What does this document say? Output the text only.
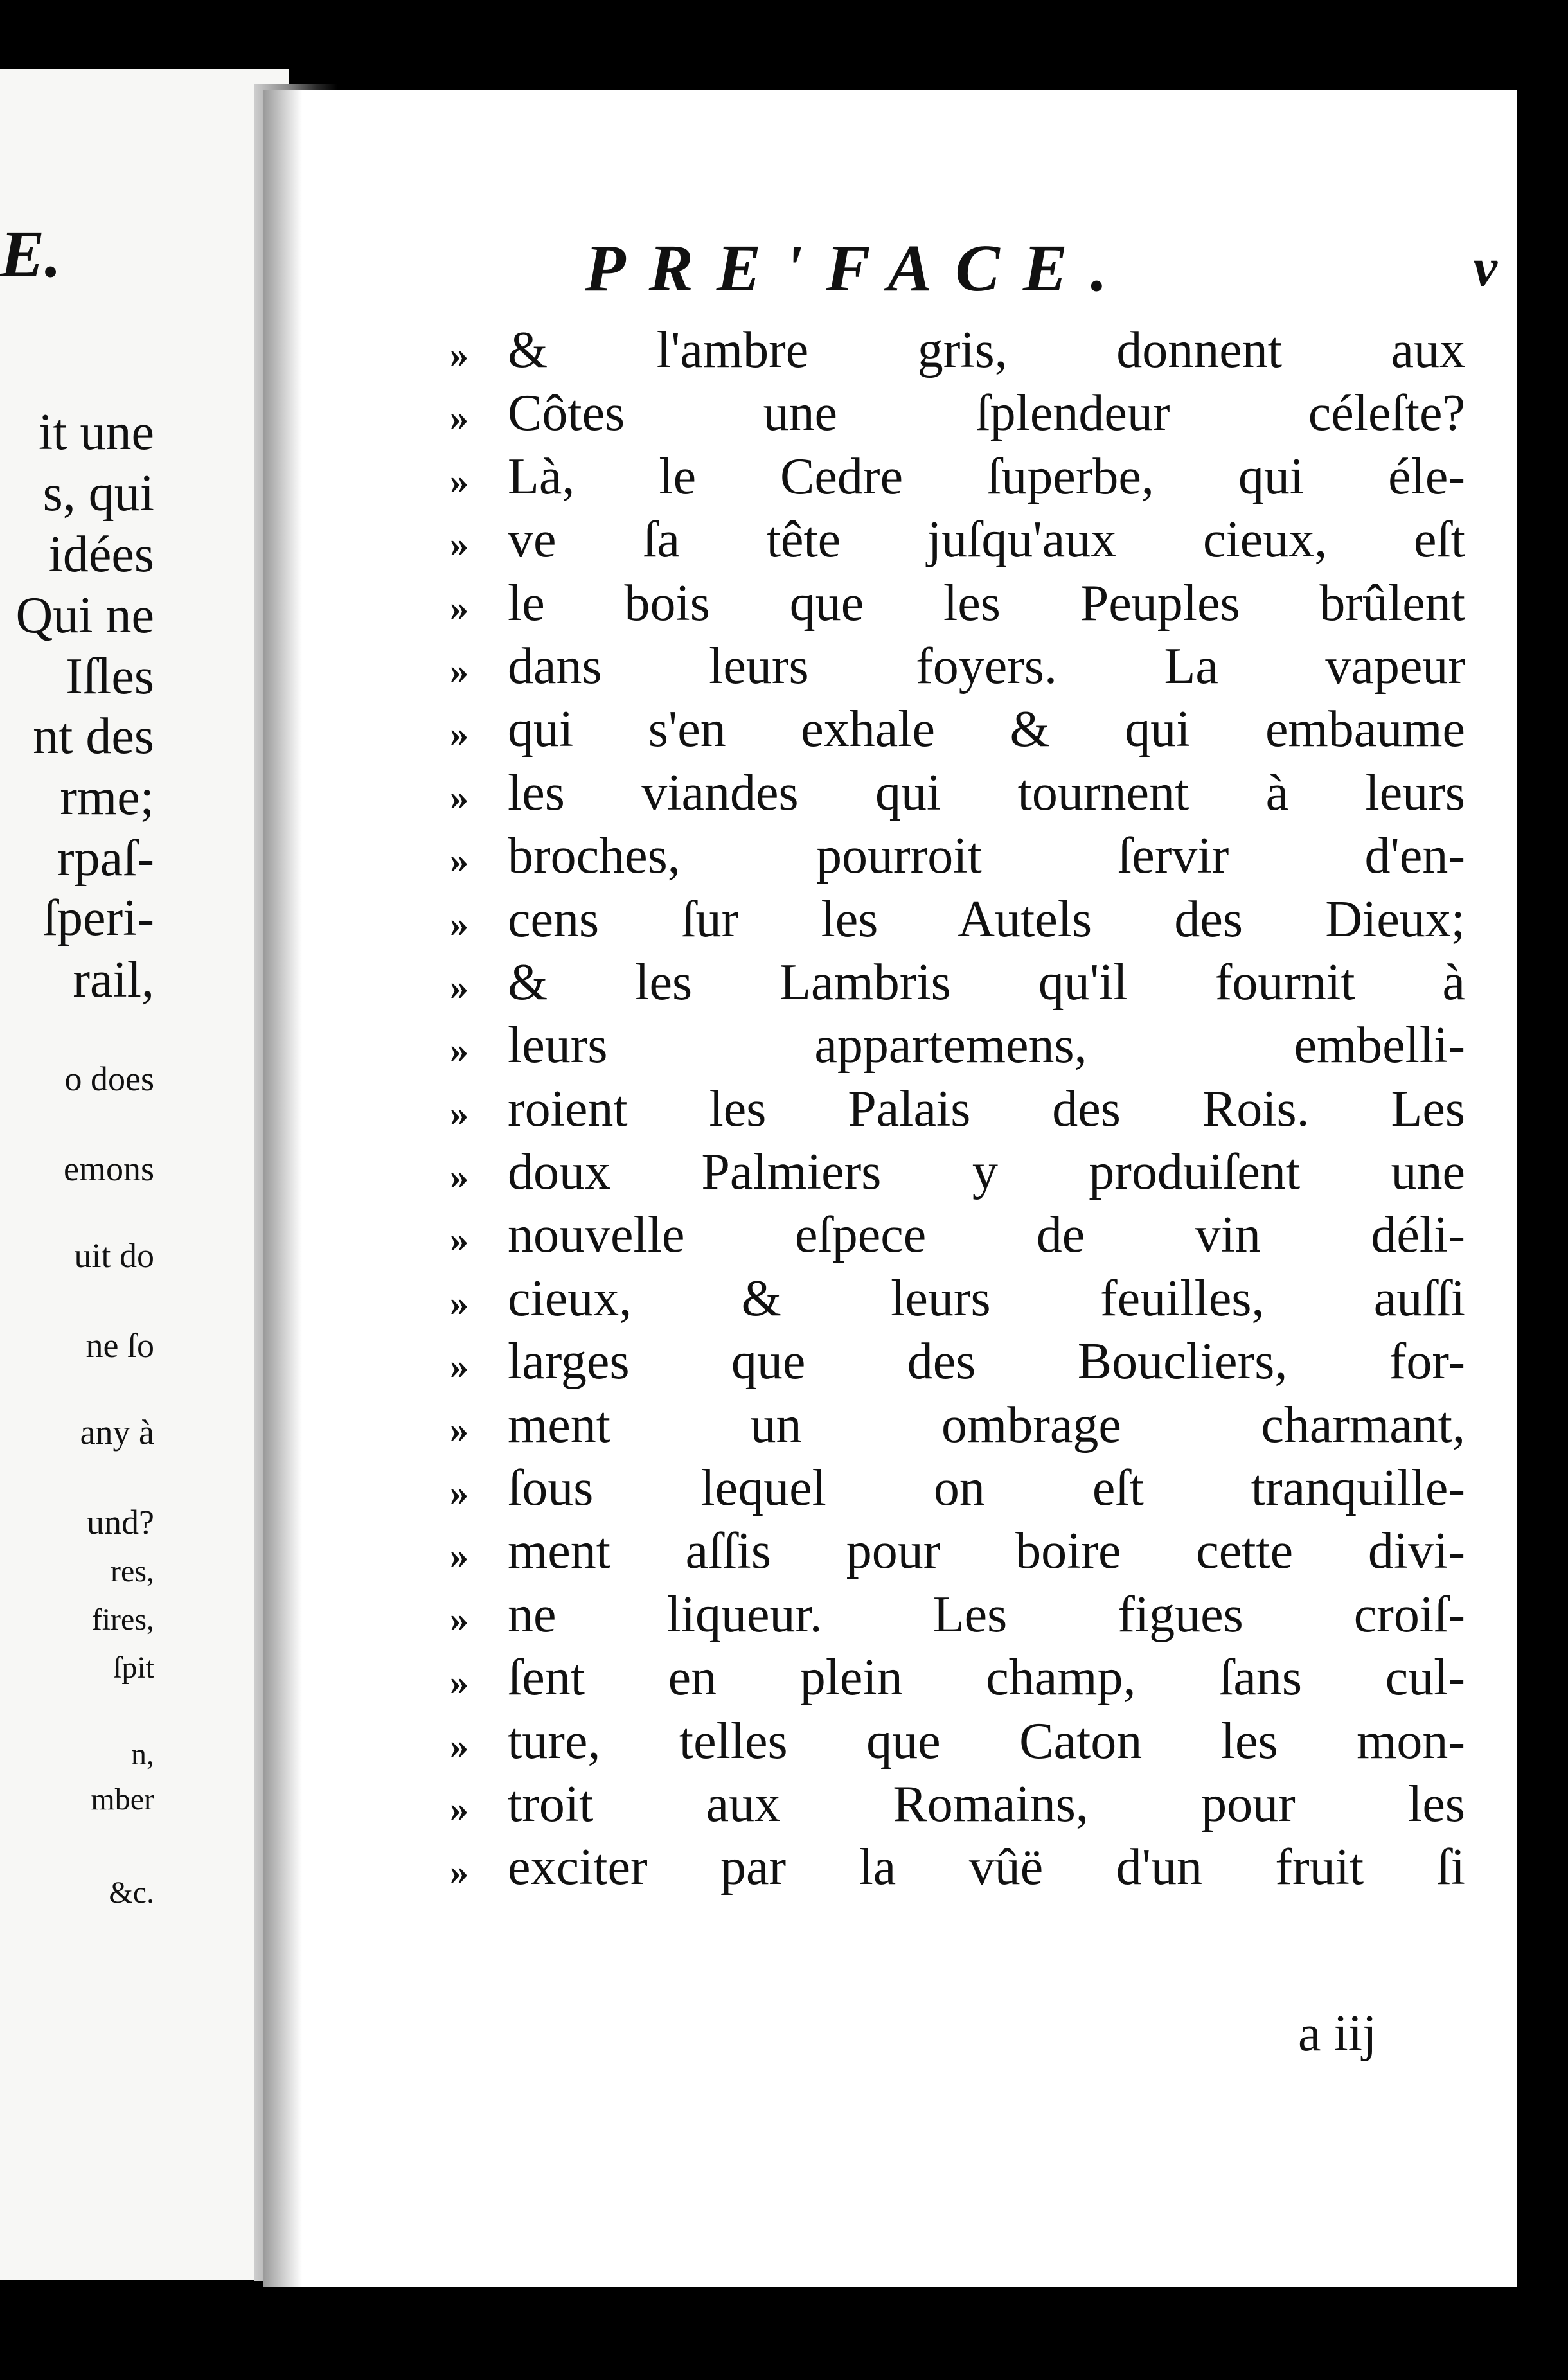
E.
it une
s, qui
idées
Qui ne
Iſles
nt des
rme;
rpaſ-
ſperi-
rail,
o does
emons
uit do
ne ſo
any à
und?
res,
fires,
ſpit
n,
mber
&c.
PRE'FACE.	v
» & l'ambre gris, donnent aux
» Côtes une ſplendeur céleſte?
» Là, le Cedre ſuperbe, qui éle-
» ve ſa tête juſqu'aux cieux, eſt
» le bois que les Peuples brûlent
» dans leurs foyers. La vapeur
» qui s'en exhale & qui embaume
» les viandes qui tournent à leurs
» broches, pourroit ſervir d'en-
» cens ſur les Autels des Dieux;
» & les Lambris qu'il fournit à
» leurs appartemens, embelli-
» roient les Palais des Rois. Les
» doux Palmiers y produiſent une
» nouvelle eſpece de vin déli-
» cieux, & leurs feuilles, auſſi
» larges que des Boucliers, for-
» ment un ombrage charmant,
» ſous lequel on eſt tranquille-
» ment aſſis pour boire cette divi-
» ne liqueur. Les figues croiſ-
» ſent en plein champ, ſans cul-
» ture, telles que Caton les mon-
» troit aux Romains, pour les
» exciter par la vûë d'un fruit ſi
a iij
